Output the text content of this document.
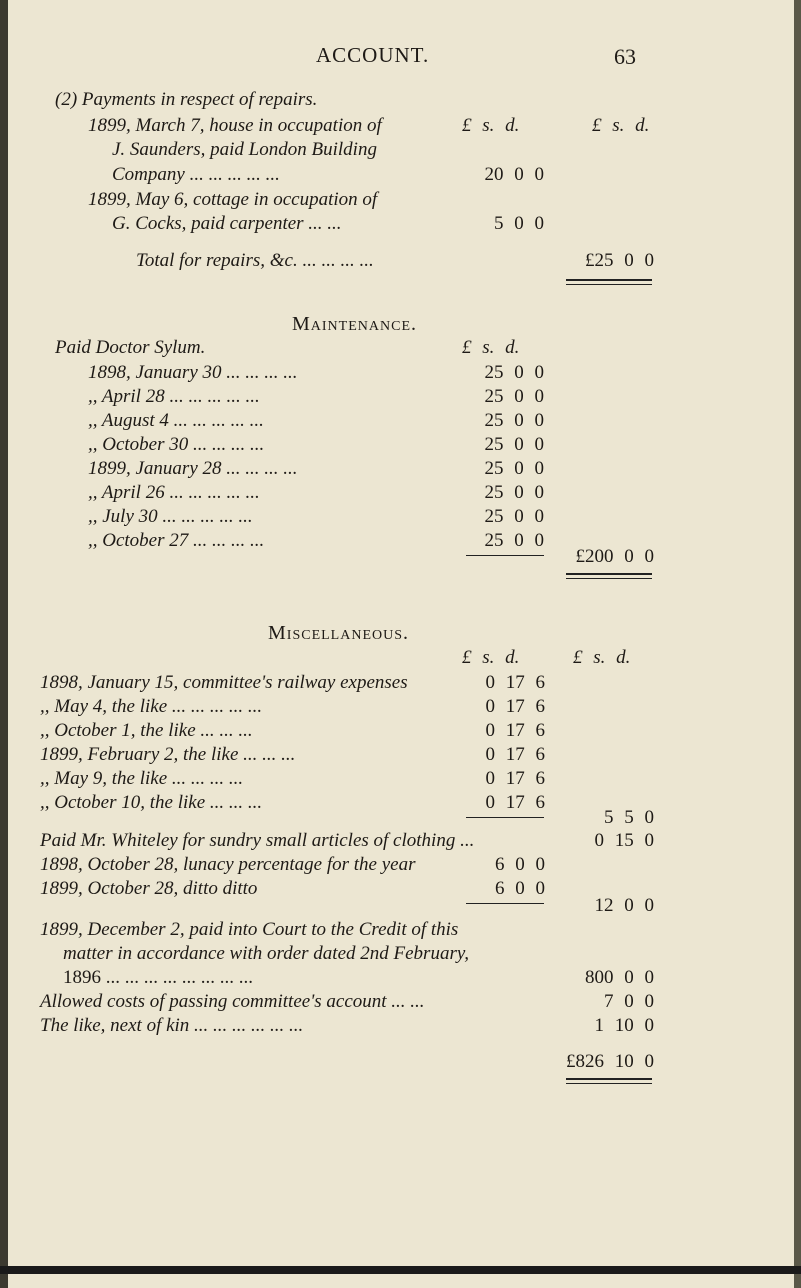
ACCOUNT.	63
(2) Payments in respect of repairs.
£ s. d.	£ s. d.
1899, March 7, house in occupation of
J. Saunders, paid London Building
Company ... ... ... ... ...	20 0 0
1899, May 6, cottage in occupation of
G. Cocks, paid carpenter ... ...	5 0 0
Total for repairs, &c. ... ... ... ...	£25 0 0
Maintenance.
Paid Doctor Sylum.	£ s. d.
1898, January 30 ... ... ... ...	25 0 0
,, April 28 ... ... ... ... ...	25 0 0
,, August 4 ... ... ... ... ...	25 0 0
,, October 30 ... ... ... ...	25 0 0
1899, January 28 ... ... ... ...	25 0 0
,, April 26 ... ... ... ... ...	25 0 0
,, July 30 ... ... ... ... ...	25 0 0
,, October 27 ... ... ... ...	25 0 0
£200 0 0
Miscellaneous.
£ s. d.	£ s. d.
1898, January 15, committee's railway expenses	0 17 6
,, May 4, the like ... ... ... ... ...	0 17 6
,, October 1, the like ... ... ...	0 17 6
1899, February 2, the like ... ... ...	0 17 6
,, May 9, the like ... ... ... ...	0 17 6
,, October 10, the like ... ... ...	0 17 6
5 5 0
Paid Mr. Whiteley for sundry small articles of clothing ...	0 15 0
1898, October 28, lunacy percentage for the year	6 0 0
1899, October 28, ditto ditto	6 0 0
12 0 0
1899, December 2, paid into Court to the Credit of this
matter in accordance with order dated 2nd February,
1896 ... ... ... ... ... ... ... ...	800 0 0
Allowed costs of passing committee's account ... ...	7 0 0
The like, next of kin ... ... ... ... ... ...	1 10 0
£826 10 0
